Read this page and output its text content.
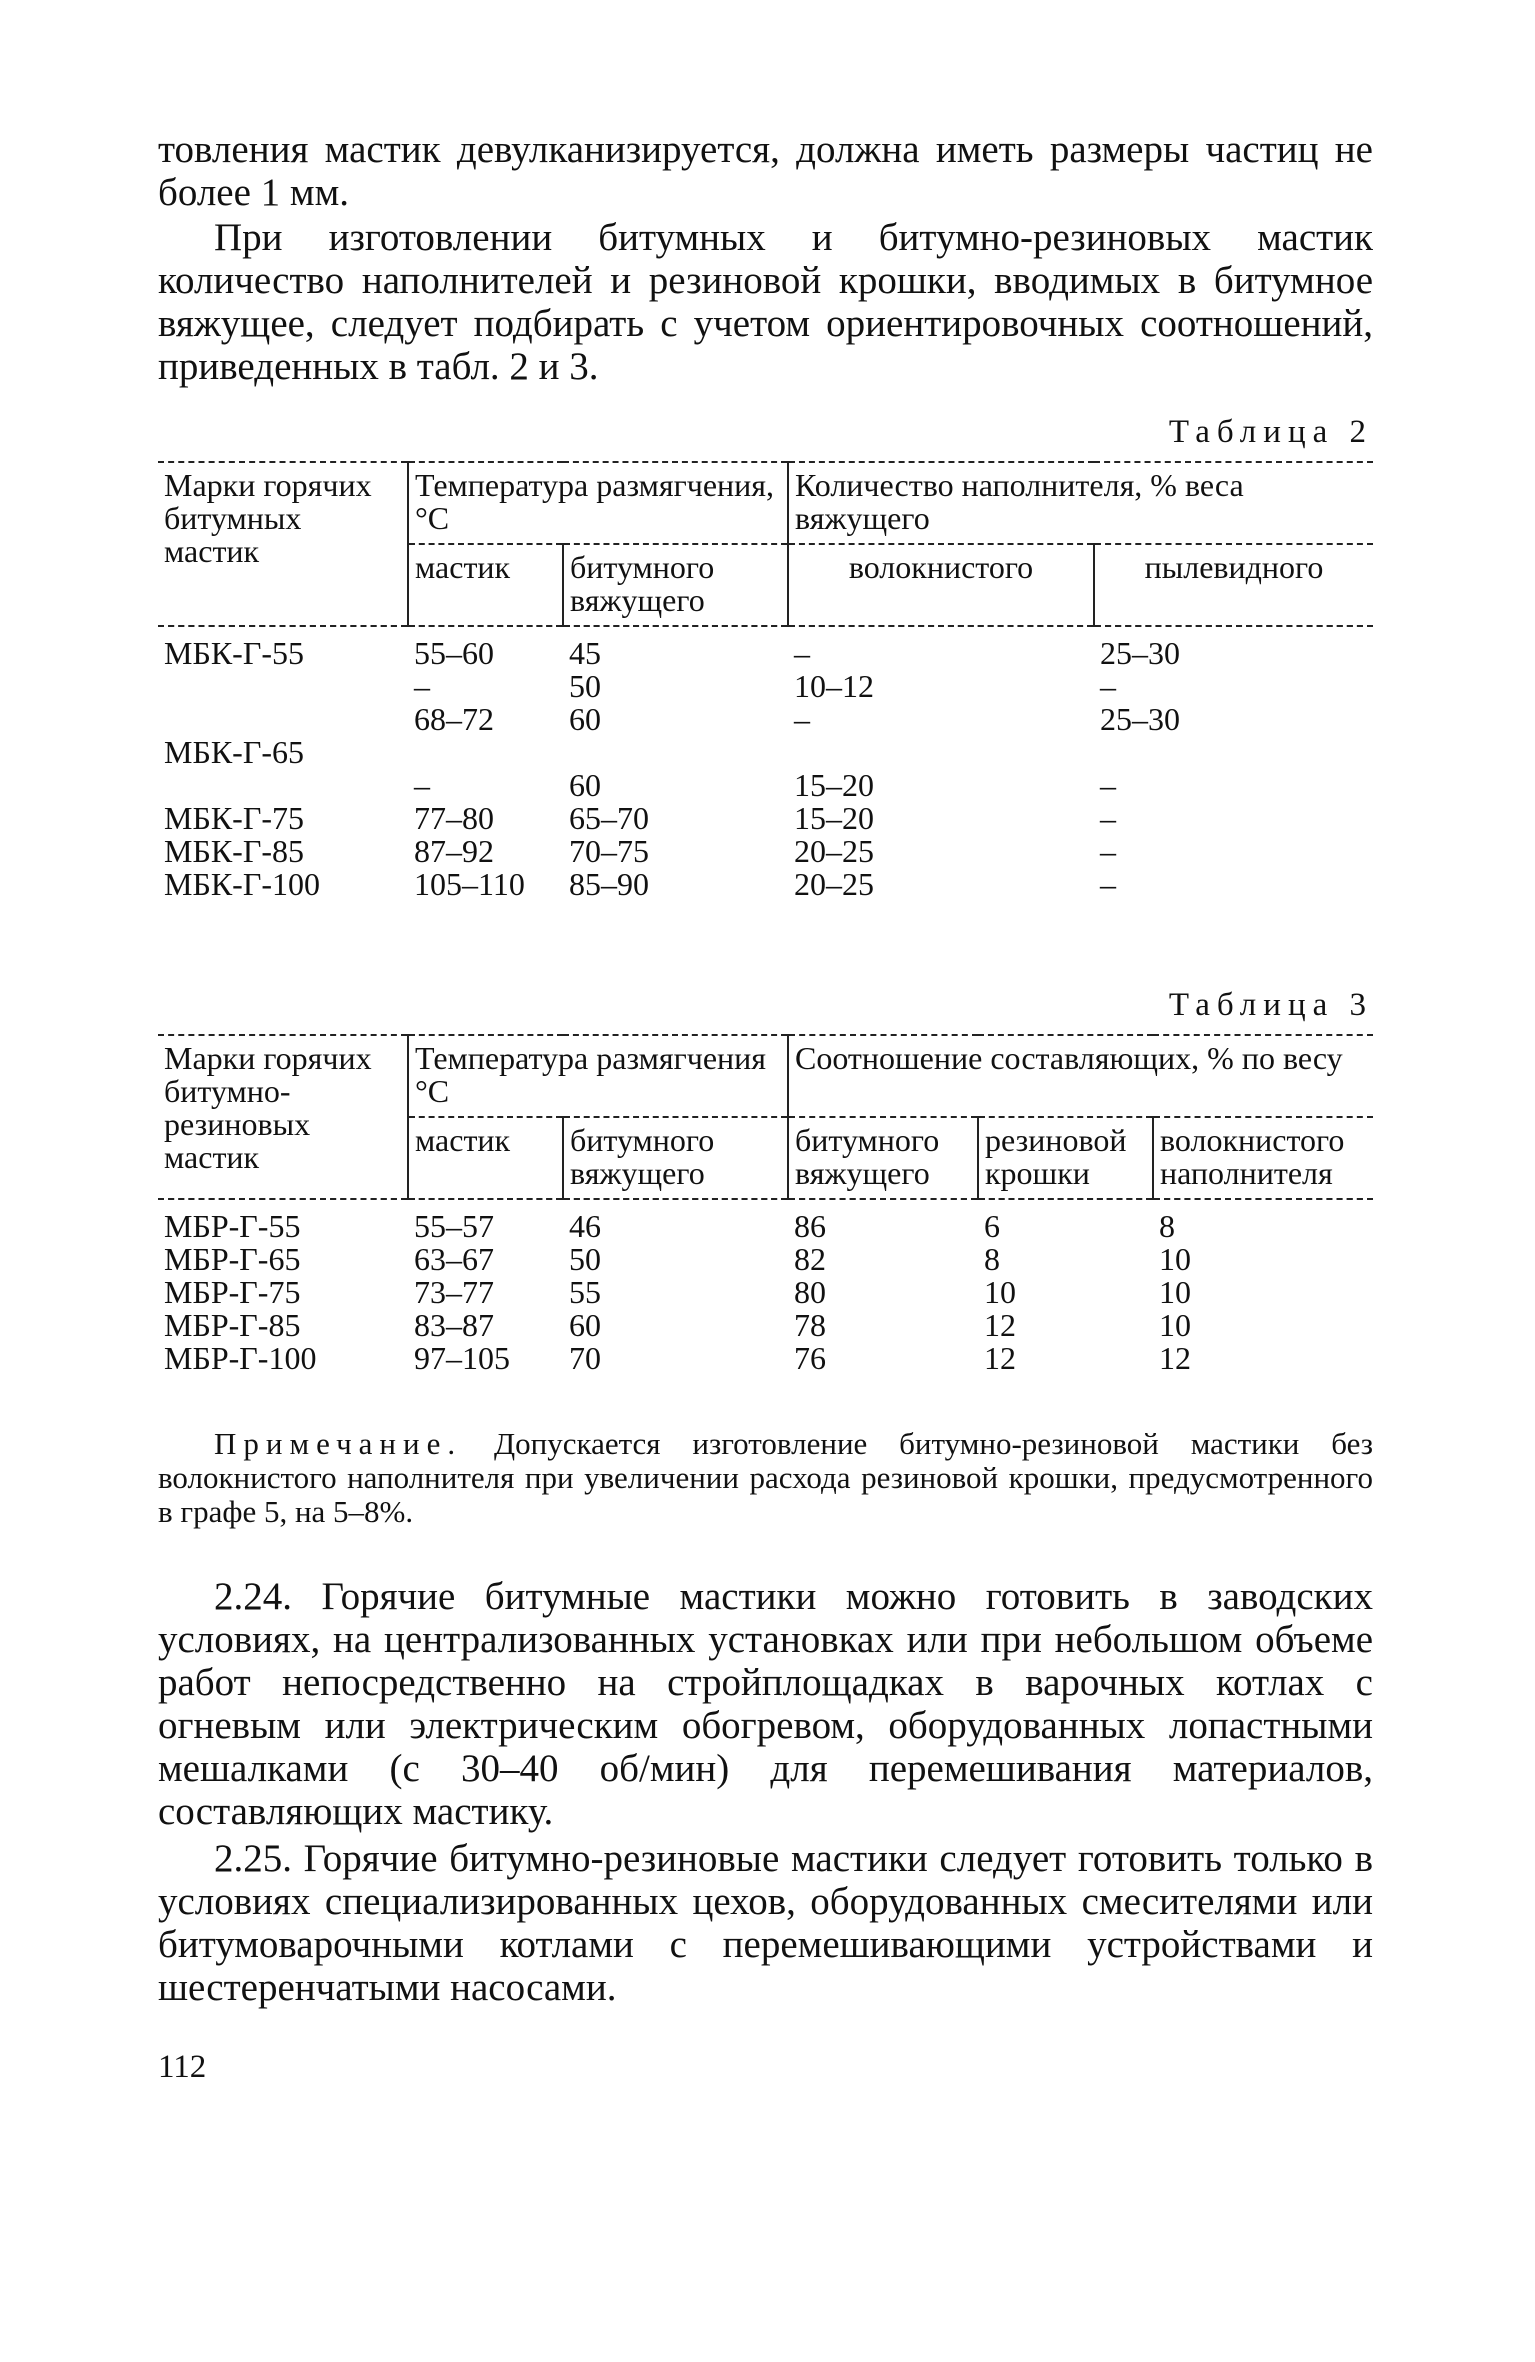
товления мастик девулканизируется, должна иметь размеры частиц не более 1 мм.

При изготовлении битумных и битумно-резиновых мастик количество наполнителей и резиновой крошки, вводимых в битумное вяжущее, следует подбирать с учетом ориентировочных соотношений, приведенных в табл. 2 и 3.

Таблица 2

Марки горячих битумных мастик	Температура размягчения, °С		Количество наполнителя, % веса вяжущего	
	мастик	битумного вяжущего	волокнистого	пылевидного
МБК-Г-55	55–60	45	–	25–30
	–	50	10–12	–
	68–72	60	–	25–30
МБК-Г-65				
	–	60	15–20	–
МБК-Г-75	77–80	65–70	15–20	–
МБК-Г-85	87–92	70–75	20–25	–
МБК-Г-100	105–110	85–90	20–25	–

Таблица 3

Марки горячих битумно-резиновых мастик	Температура размягчения °С		Соотношение составляющих, % по весу		
	мастик	битумного вяжущего	битумного вяжущего	резиновой крошки	волокнистого наполнителя
МБР-Г-55	55–57	46	86	6	8
МБР-Г-65	63–67	50	82	8	10
МБР-Г-75	73–77	55	80	10	10
МБР-Г-85	83–87	60	78	12	10
МБР-Г-100	97–105	70	76	12	12

Примечание. Допускается изготовление битумно-резиновой мастики без волокнистого наполнителя при увеличении расхода резиновой крошки, предусмотренного в графе 5, на 5–8%.

2.24. Горячие битумные мастики можно готовить в заводских условиях, на централизованных установках или при небольшом объеме работ непосредственно на стройплощадках в варочных котлах с огневым или электрическим обогревом, оборудованных лопастными мешалками (с 30–40 об/мин) для перемешивания материалов, составляющих мастику.

2.25. Горячие битумно-резиновые мастики следует готовить только в условиях специализированных цехов, оборудованных смесителями или битумоварочными котлами с перемешивающими устройствами и шестеренчатыми насосами.

112
